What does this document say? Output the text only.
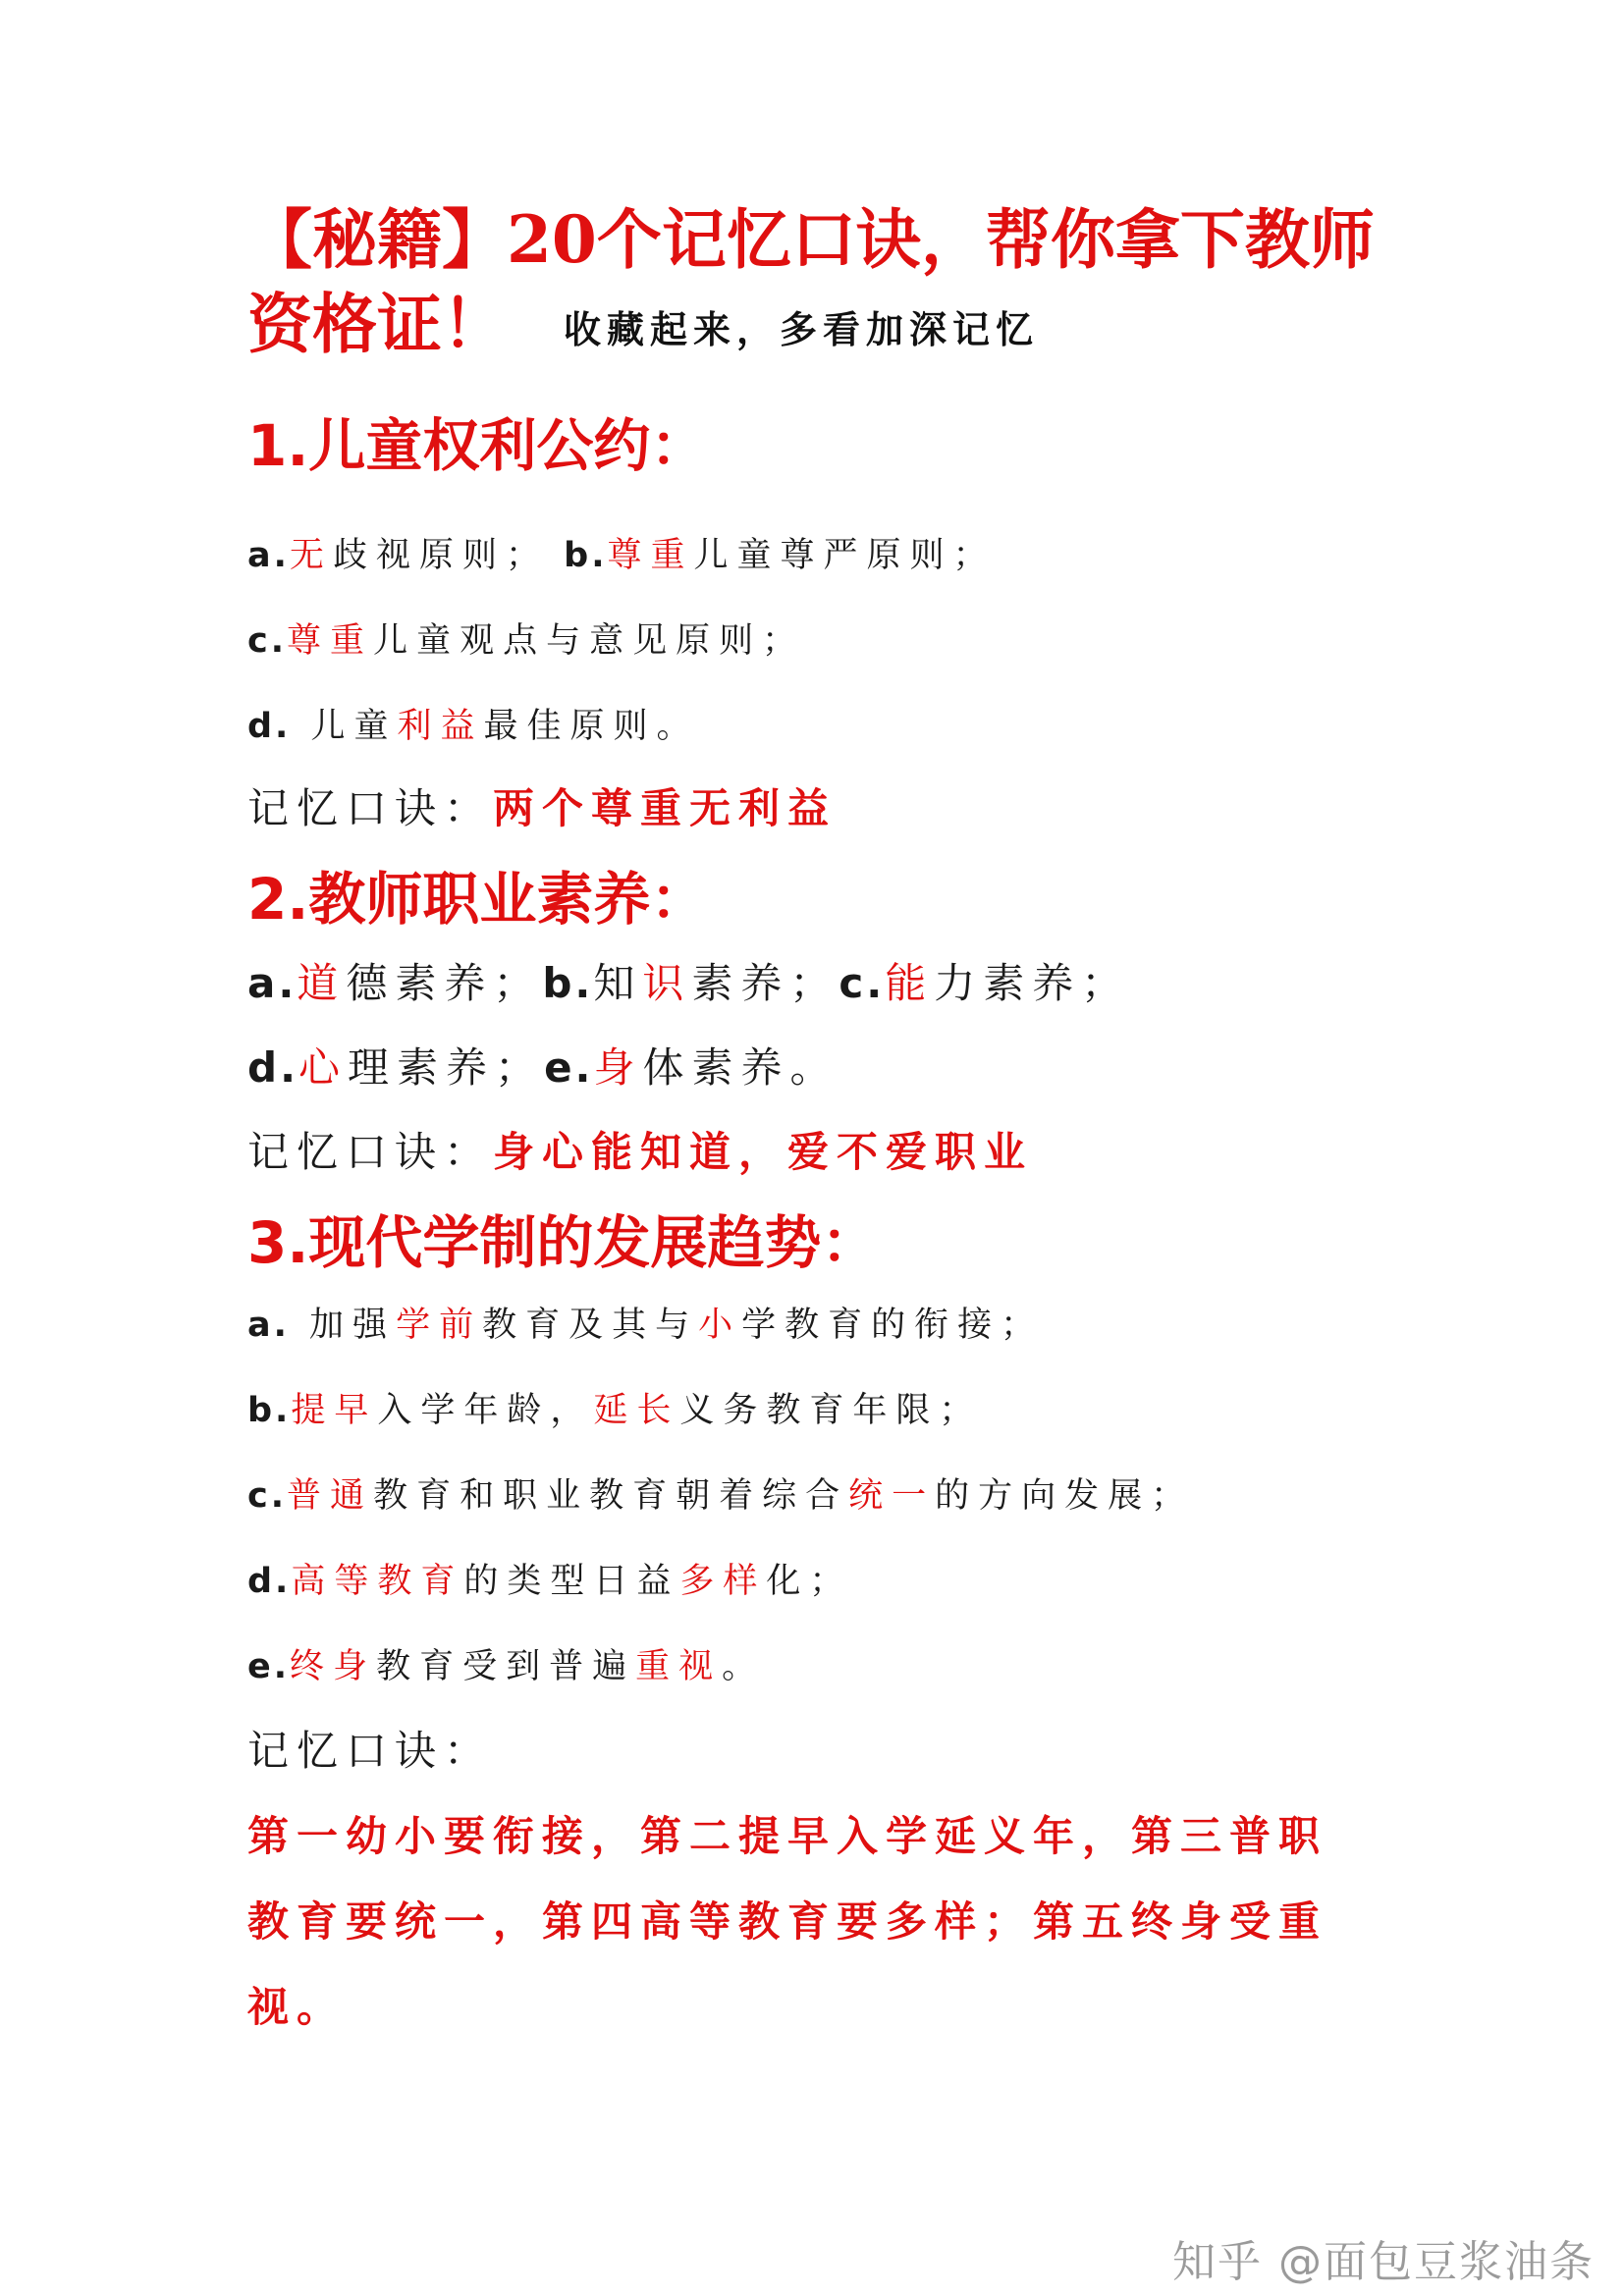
【秘籍】20个记忆口诀，帮你拿下教师
资格证！ 收藏起来，多看加深记忆
1.儿童权利公约：
a.无歧视原则； b.尊重儿童尊严原则；
c.尊重儿童观点与意见原则；
d. 儿童利益最佳原则。
记忆口诀：两个尊重无利益
2.教师职业素养：
a.道德素养；b.知识素养；c.能力素养；
d.心理素养；e.身体素养。
记忆口诀：身心能知道，爱不爱职业
3.现代学制的发展趋势：
a. 加强学前教育及其与小学教育的衔接；
b.提早入学年龄，延长义务教育年限；
c.普通教育和职业教育朝着综合统一的方向发展；
d.高等教育的类型日益多样化；
e.终身教育受到普遍重视。
记忆口诀：
第一幼小要衔接，第二提早入学延义年，第三普职
教育要统一，第四高等教育要多样；第五终身受重
视。
知乎 @面包豆浆油条
